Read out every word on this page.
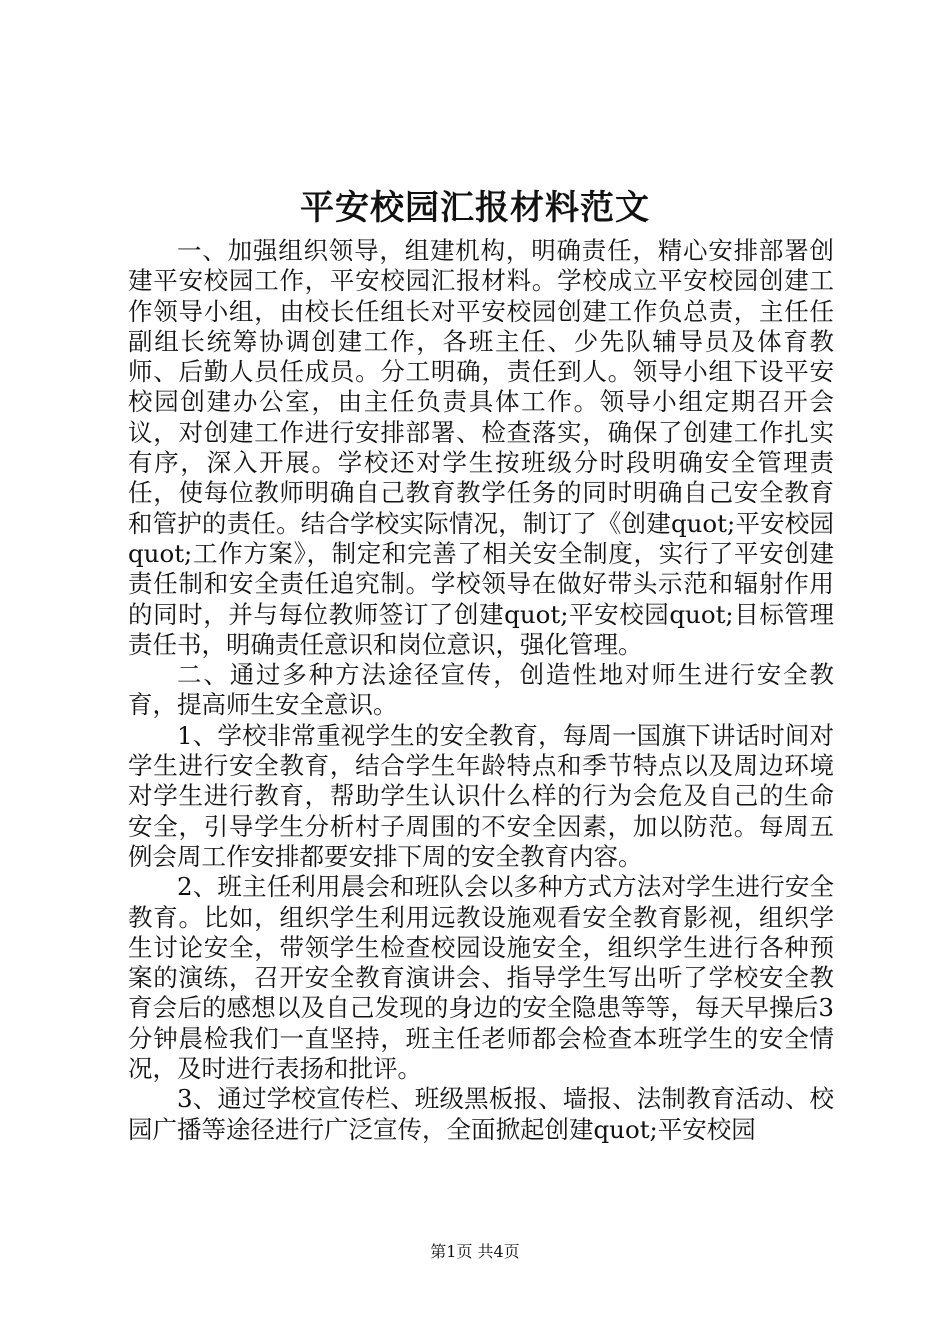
平安校园汇报材料范文

一、加强组织领导，组建机构，明确责任，精心安排部署创建平安校园工作，平安校园汇报材料。学校成立平安校园创建工作领导小组，由校长任组长对平安校园创建工作负总责，主任任副组长统筹协调创建工作，各班主任、少先队辅导员及体育教师、后勤人员任成员。分工明确，责任到人。领导小组下设平安校园创建办公室，由主任负责具体工作。领导小组定期召开会议，对创建工作进行安排部署、检查落实，确保了创建工作扎实有序，深入开展。学校还对学生按班级分时段明确安全管理责任，使每位教师明确自己教育教学任务的同时明确自己安全教育和管护的责任。结合学校实际情况，制订了《创建quot;平安校园quot;工作方案》，制定和完善了相关安全制度，实行了平安创建责任制和安全责任追究制。学校领导在做好带头示范和辐射作用的同时，并与每位教师签订了创建quot;平安校园quot;目标管理责任书，明确责任意识和岗位意识，强化管理。

二、通过多种方法途径宣传，创造性地对师生进行安全教育，提高师生安全意识。

1、学校非常重视学生的安全教育，每周一国旗下讲话时间对学生进行安全教育，结合学生年龄特点和季节特点以及周边环境对学生进行教育，帮助学生认识什么样的行为会危及自己的生命安全，引导学生分析村子周围的不安全因素，加以防范。每周五例会周工作安排都要安排下周的安全教育内容。

2、班主任利用晨会和班队会以多种方式方法对学生进行安全教育。比如，组织学生利用远教设施观看安全教育影视，组织学生讨论安全，带领学生检查校园设施安全，组织学生进行各种预案的演练，召开安全教育演讲会、指导学生写出听了学校安全教育会后的感想以及自己发现的身边的安全隐患等等，每天早操后3分钟晨检我们一直坚持，班主任老师都会检查本班学生的安全情况，及时进行表扬和批评。

3、通过学校宣传栏、班级黑板报、墙报、法制教育活动、校园广播等途径进行广泛宣传，全面掀起创建quot;平安校园

第1页 共4页
